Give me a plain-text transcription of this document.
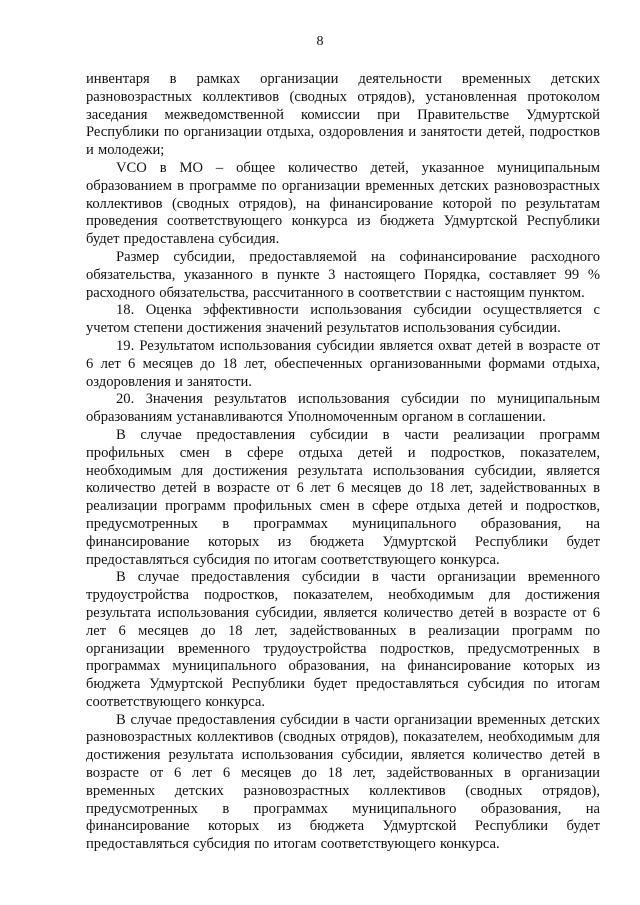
8

инвентаря в рамках организации деятельности временных детских разновозрастных коллективов (сводных отрядов), установленная протоколом заседания межведомственной комиссии при Правительстве Удмуртской Республики по организации отдыха, оздоровления и занятости детей, подростков и молодежи;

VCO в МО – общее количество детей, указанное муниципальным образованием в программе по организации временных детских разновозрастных коллективов (сводных отрядов), на финансирование которой по результатам проведения соответствующего конкурса из бюджета Удмуртской Республики будет предоставлена субсидия.

Размер субсидии, предоставляемой на софинансирование расходного обязательства, указанного в пункте 3 настоящего Порядка, составляет 99 % расходного обязательства, рассчитанного в соответствии с настоящим пунктом.

18. Оценка эффективности использования субсидии осуществляется с учетом степени достижения значений результатов использования субсидии.

19. Результатом использования субсидии является охват детей в возрасте от 6 лет 6 месяцев до 18 лет, обеспеченных организованными формами отдыха, оздоровления и занятости.

20. Значения результатов использования субсидии по муниципальным образованиям устанавливаются Уполномоченным органом в соглашении.

В случае предоставления субсидии в части реализации программ профильных смен в сфере отдыха детей и подростков, показателем, необходимым для достижения результата использования субсидии, является количество детей в возрасте от 6 лет 6 месяцев до 18 лет, задействованных в реализации программ профильных смен в сфере отдыха детей и подростков, предусмотренных в программах муниципального образования, на финансирование которых из бюджета Удмуртской Республики будет предоставляться субсидия по итогам соответствующего конкурса.

В случае предоставления субсидии в части организации временного трудоустройства подростков, показателем, необходимым для достижения результата использования субсидии, является количество детей в возрасте от 6 лет 6 месяцев до 18 лет, задействованных в реализации программ по организации временного трудоустройства подростков, предусмотренных в программах муниципального образования, на финансирование которых из бюджета Удмуртской Республики будет предоставляться субсидия по итогам соответствующего конкурса.

В случае предоставления субсидии в части организации временных детских разновозрастных коллективов (сводных отрядов), показателем, необходимым для достижения результата использования субсидии, является количество детей в возрасте от 6 лет 6 месяцев до 18 лет, задействованных в организации временных детских разновозрастных коллективов (сводных отрядов), предусмотренных в программах муниципального образования, на финансирование которых из бюджета Удмуртской Республики будет предоставляться субсидия по итогам соответствующего конкурса.
